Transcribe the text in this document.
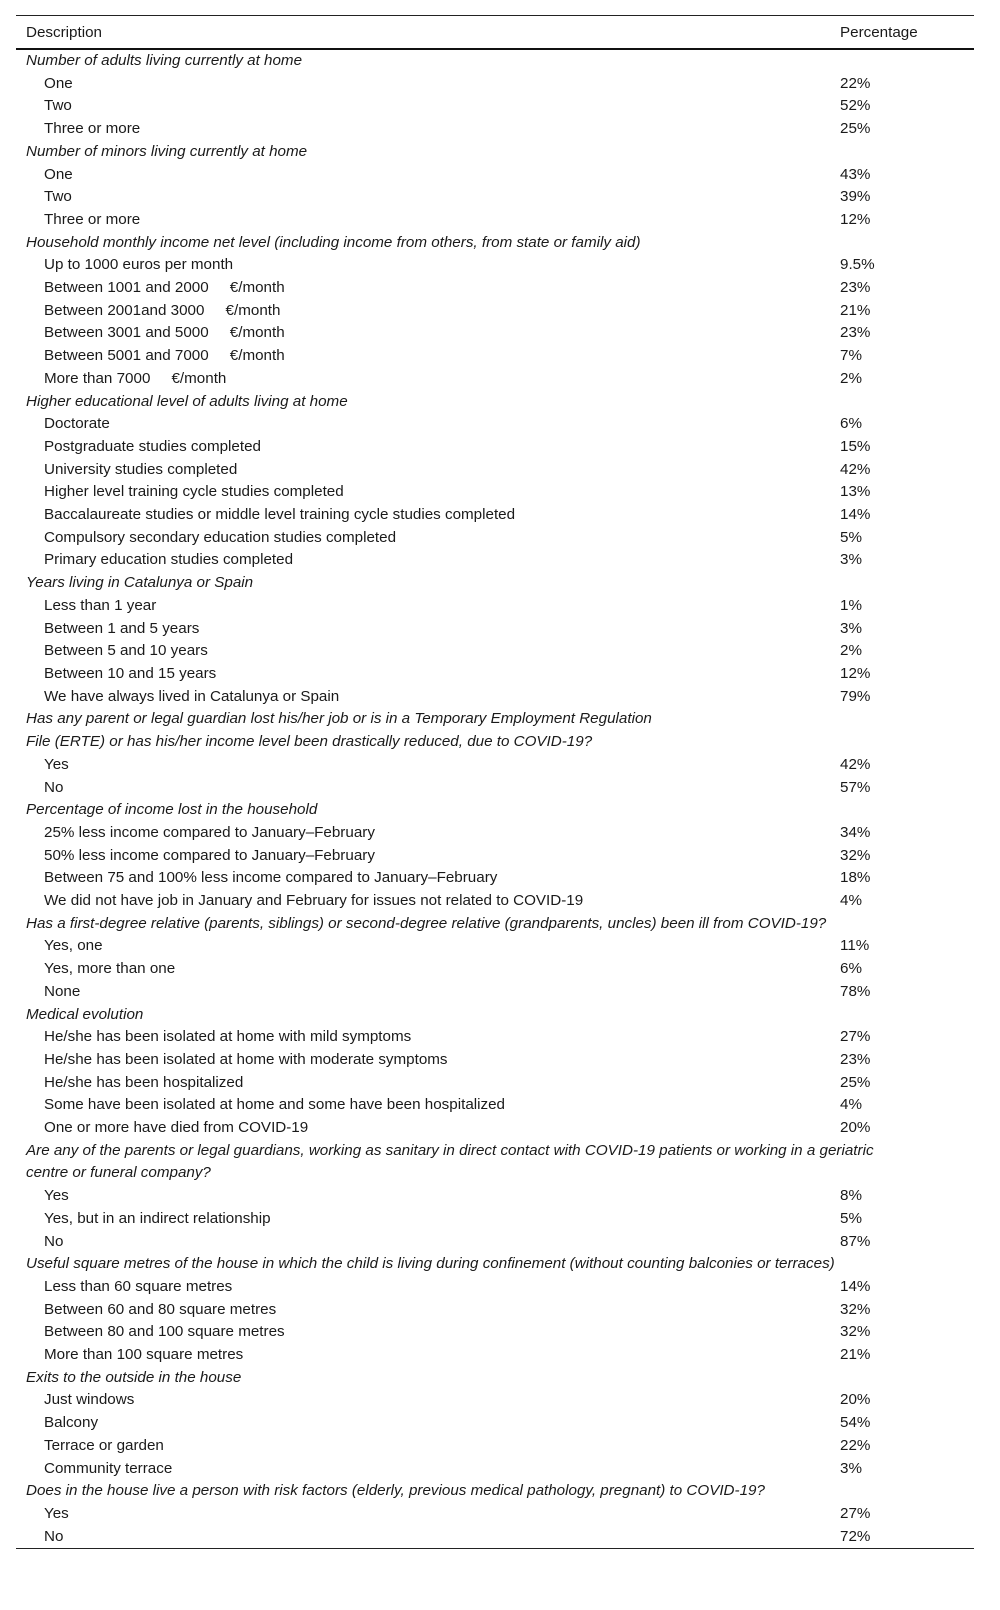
Description	Percentage
Number of adults living currently at home	
One	22%
Two	52%
Three or more	25%
Number of minors living currently at home	
One	43%
Two	39%
Three or more	12%
Household monthly income net level (including income from others, from state or family aid)	
Up to 1000 euros per month	9.5%
Between 1001 and 2000     €/month	23%
Between 2001and 3000     €/month	21%
Between 3001 and 5000     €/month	23%
Between 5001 and 7000     €/month	7%
More than 7000     €/month	2%
Higher educational level of adults living at home	
Doctorate	6%
Postgraduate studies completed	15%
University studies completed	42%
Higher level training cycle studies completed	13%
Baccalaureate studies or middle level training cycle studies completed	14%
Compulsory secondary education studies completed	5%
Primary education studies completed	3%
Years living in Catalunya or Spain	
Less than 1 year	1%
Between 1 and 5 years	3%
Between 5 and 10 years	2%
Between 10 and 15 years	12%
We have always lived in Catalunya or Spain	79%
Has any parent or legal guardian lost his/her job or is in a Temporary Employment Regulation
File (ERTE) or has his/her income level been drastically reduced, due to COVID-19?	
Yes	42%
No	57%
Percentage of income lost in the household	
25% less income compared to January–February	34%
50% less income compared to January–February	32%
Between 75 and 100% less income compared to January–February	18%
We did not have job in January and February for issues not related to COVID-19	4%
Has a first-degree relative (parents, siblings) or second-degree relative (grandparents, uncles) been ill from COVID-19?	
Yes, one	11%
Yes, more than one	6%
None	78%
Medical evolution	
He/she has been isolated at home with mild symptoms	27%
He/she has been isolated at home with moderate symptoms	23%
He/she has been hospitalized	25%
Some have been isolated at home and some have been hospitalized	4%
One or more have died from COVID-19	20%
Are any of the parents or legal guardians, working as sanitary in direct contact with COVID-19 patients or working in a geriatric
centre or funeral company?	
Yes	8%
Yes, but in an indirect relationship	5%
No	87%
Useful square metres of the house in which the child is living during confinement (without counting balconies or terraces)	
Less than 60 square metres	14%
Between 60 and 80 square metres	32%
Between 80 and 100 square metres	32%
More than 100 square metres	21%
Exits to the outside in the house	
Just windows	20%
Balcony	54%
Terrace or garden	22%
Community terrace	3%
Does in the house live a person with risk factors (elderly, previous medical pathology, pregnant) to COVID-19?	
Yes	27%
No	72%
